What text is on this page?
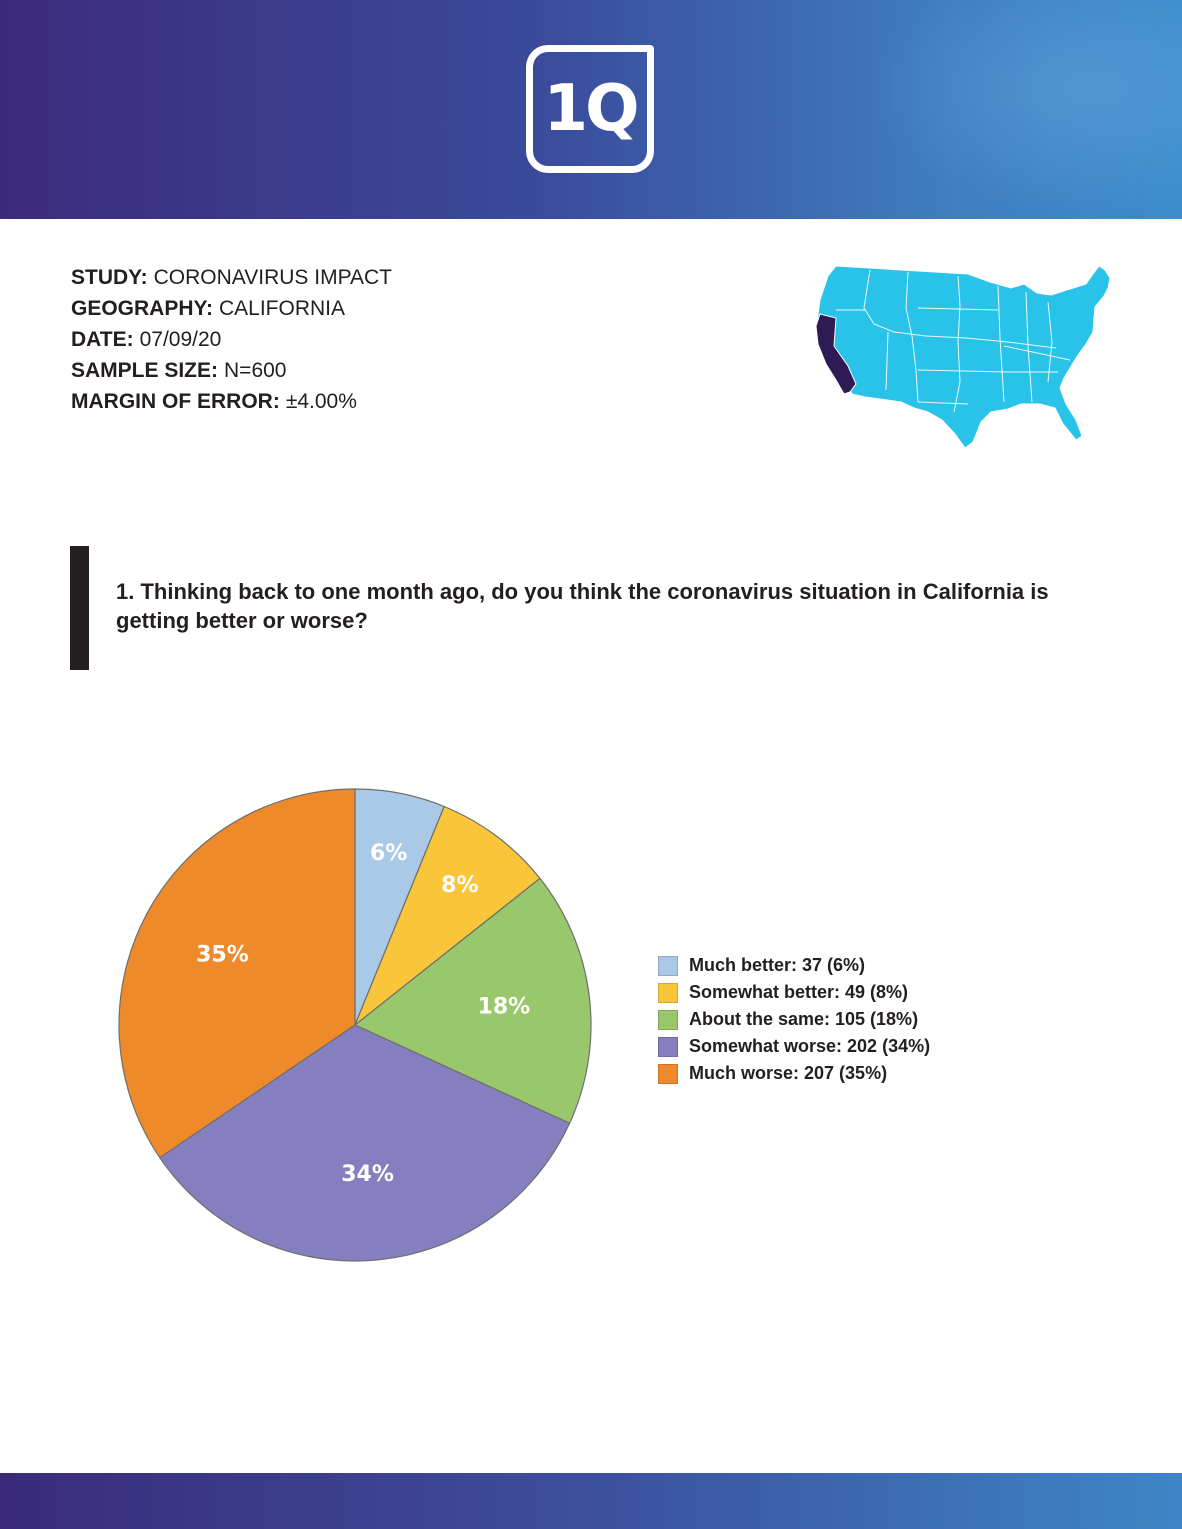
1Q
STUDY: CORONAVIRUS IMPACT
GEOGRAPHY: CALIFORNIA
DATE: 07/09/20
SAMPLE SIZE: N=600
MARGIN OF ERROR: ±4.00%

1. Thinking back to one month ago, do you think the coronavirus situation in California is getting better or worse?

6%
8%
18%
34%
35%	Much better: 37 (6%)
Somewhat better: 49 (8%)
About the same: 105 (18%)
Somewhat worse: 202 (34%)
Much worse: 207 (35%)
